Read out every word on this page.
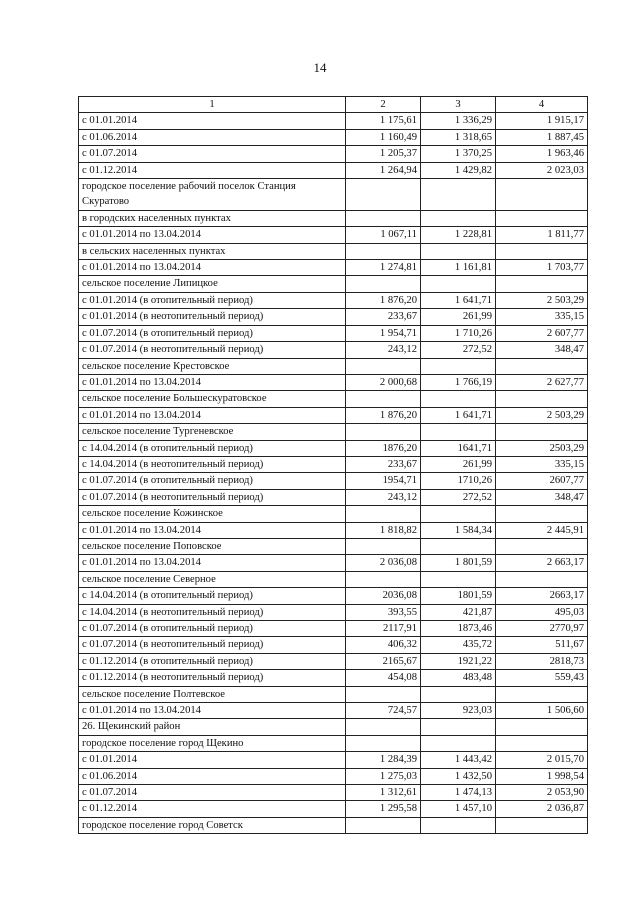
14
1	2	3	4
с 01.01.2014	1 175,61	1 336,29	1 915,17
с 01.06.2014	1 160,49	1 318,65	1 887,45
с 01.07.2014	1 205,37	1 370,25	1 963,46
с 01.12.2014	1 264,94	1 429,82	2 023,03
городское поселение рабочий поселок Станция Скуратово			
в городских населенных пунктах			
с 01.01.2014 по 13.04.2014	1 067,11	1 228,81	1 811,77
в сельских населенных пунктах			
с 01.01.2014 по 13.04.2014	1 274,81	1 161,81	1 703,77
сельское поселение Липицкое			
с 01.01.2014 (в отопительный период)	1 876,20	1 641,71	2 503,29
с 01.01.2014 (в неотопительный период)	233,67	261,99	335,15
с 01.07.2014 (в отопительный период)	1 954,71	1 710,26	2 607,77
с 01.07.2014 (в неотопительный период)	243,12	272,52	348,47
сельское поселение Крестовское			
с 01.01.2014 по 13.04.2014	2 000,68	1 766,19	2 627,77
сельское поселение Большескуратовское			
с 01.01.2014 по 13.04.2014	1 876,20	1 641,71	2 503,29
сельское поселение Тургеневское			
с 14.04.2014 (в отопительный период)	1876,20	1641,71	2503,29
с 14.04.2014 (в неотопительный период)	233,67	261,99	335,15
с 01.07.2014 (в отопительный период)	1954,71	1710,26	2607,77
с 01.07.2014 (в неотопительный период)	243,12	272,52	348,47
сельское поселение Кожинское			
с 01.01.2014 по 13.04.2014	1 818,82	1 584,34	2 445,91
сельское поселение Поповское			
с 01.01.2014 по 13.04.2014	2 036,08	1 801,59	2 663,17
сельское поселение Северное			
с 14.04.2014 (в отопительный период)	2036,08	1801,59	2663,17
с 14.04.2014 (в неотопительный период)	393,55	421,87	495,03
с 01.07.2014 (в отопительный период)	2117,91	1873,46	2770,97
с 01.07.2014 (в неотопительный период)	406,32	435,72	511,67
с 01.12.2014 (в отопительный период)	2165,67	1921,22	2818,73
с 01.12.2014 (в неотопительный период)	454,08	483,48	559,43
сельское поселение Полтевское			
с 01.01.2014 по 13.04.2014	724,57	923,03	1 506,60
26. Щекинский район			
городское поселение город Щекино			
с 01.01.2014	1 284,39	1 443,42	2 015,70
с 01.06.2014	1 275,03	1 432,50	1 998,54
с 01.07.2014	1 312,61	1 474,13	2 053,90
с 01.12.2014	1 295,58	1 457,10	2 036,87
городское поселение город Советск			
